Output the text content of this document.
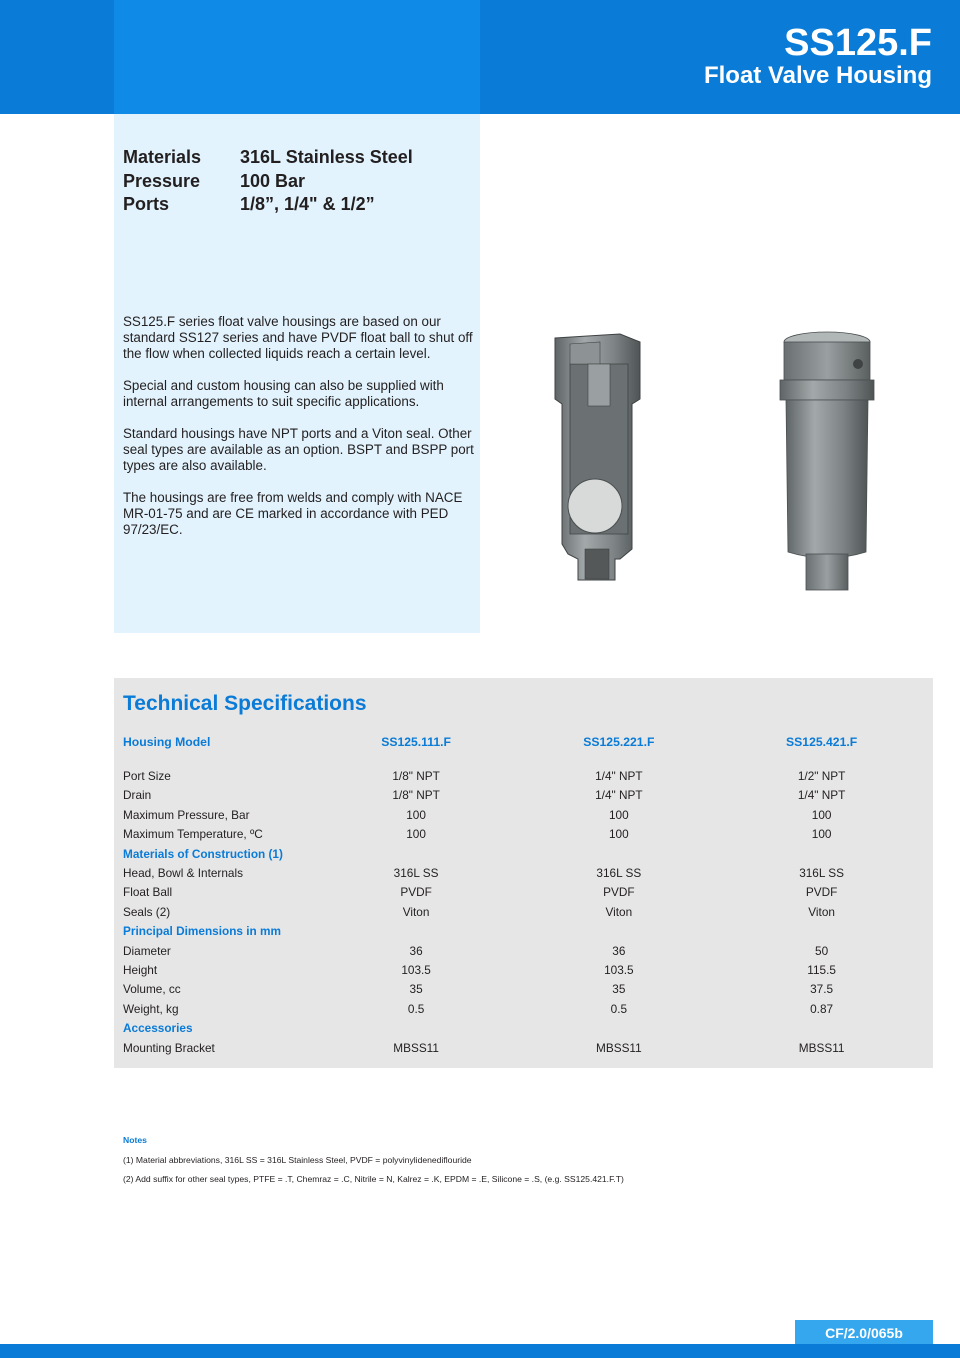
SS125.F
Float Valve Housing
Materials	316L Stainless Steel
Pressure	100 Bar
Ports	1/8”, 1/4" & 1/2”

SS125.F series float valve housings are based on our standard SS127 series and have PVDF float ball to shut off the flow when collected liquids reach a certain level.

Special and custom housing can also be supplied with internal arrangements to suit specific applications.

Standard housings have NPT ports and a Viton seal. Other seal types are available as an option. BSPT and BSPP port types are also available.

The housings are free from welds and comply with NACE MR-01-75 and are CE marked in accordance with PED 97/23/EC.

Technical Specifications
Housing Model	SS125.111.F	SS125.221.F	SS125.421.F

Port Size	1/8" NPT	1/4" NPT	1/2" NPT
Drain	1/8" NPT	1/4" NPT	1/4" NPT
Maximum Pressure, Bar	100	100	100
Maximum Temperature, ºC	100	100	100
Materials of Construction (1)			
Head, Bowl & Internals	316L SS	316L SS	316L SS
Float Ball	PVDF	PVDF	PVDF
Seals (2)	Viton	Viton	Viton
Principal Dimensions in mm			
Diameter	36	36	50
Height	103.5	103.5	115.5
Volume, cc	35	35	37.5
Weight, kg	0.5	0.5	0.87
Accessories			
Mounting Bracket	MBSS11	MBSS11	MBSS11
Notes
(1) Material abbreviations, 316L SS = 316L Stainless Steel, PVDF = polyvinylidenediflouride
(2) Add suffix for other seal types, PTFE = .T, Chemraz = .C, Nitrile = N, Kalrez = .K, EPDM = .E, Silicone = .S, (e.g. SS125.421.F.T)
CF/2.0/065b
